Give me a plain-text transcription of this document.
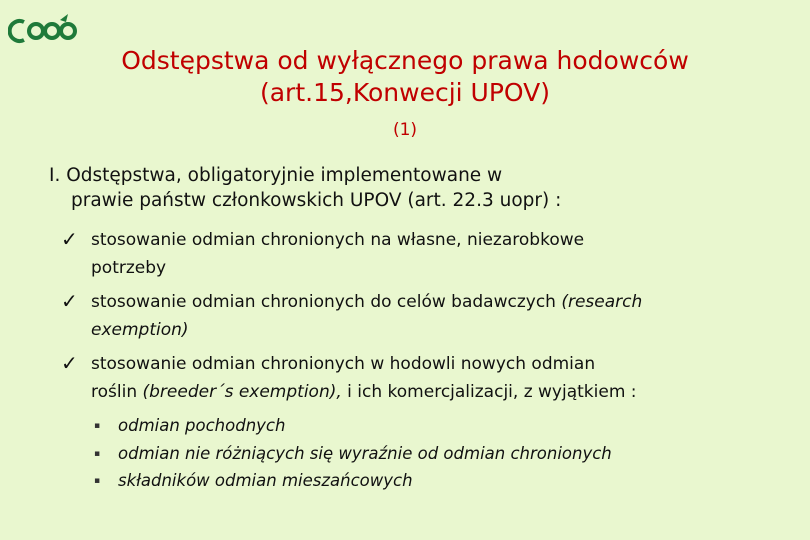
Odstępstwa od wyłącznego prawa hodowców
(art.15,Konwecji UPOV)
(1)
I. Odstępstwa, obligatoryjnie implementowane w
prawie państw członkowskich UPOV (art. 22.3 uopr) :
✓ stosowanie odmian chronionych na własne, niezarobkowe
potrzeby
✓ stosowanie odmian chronionych do celów badawczych (research
exemption)
✓ stosowanie odmian chronionych w hodowli nowych odmian
roślin (breeder΄s exemption), i ich komercjalizacji, z wyjątkiem :
▪ odmian pochodnych
▪ odmian nie różniących się wyraźnie od odmian chronionych
▪ składników odmian mieszańcowych
